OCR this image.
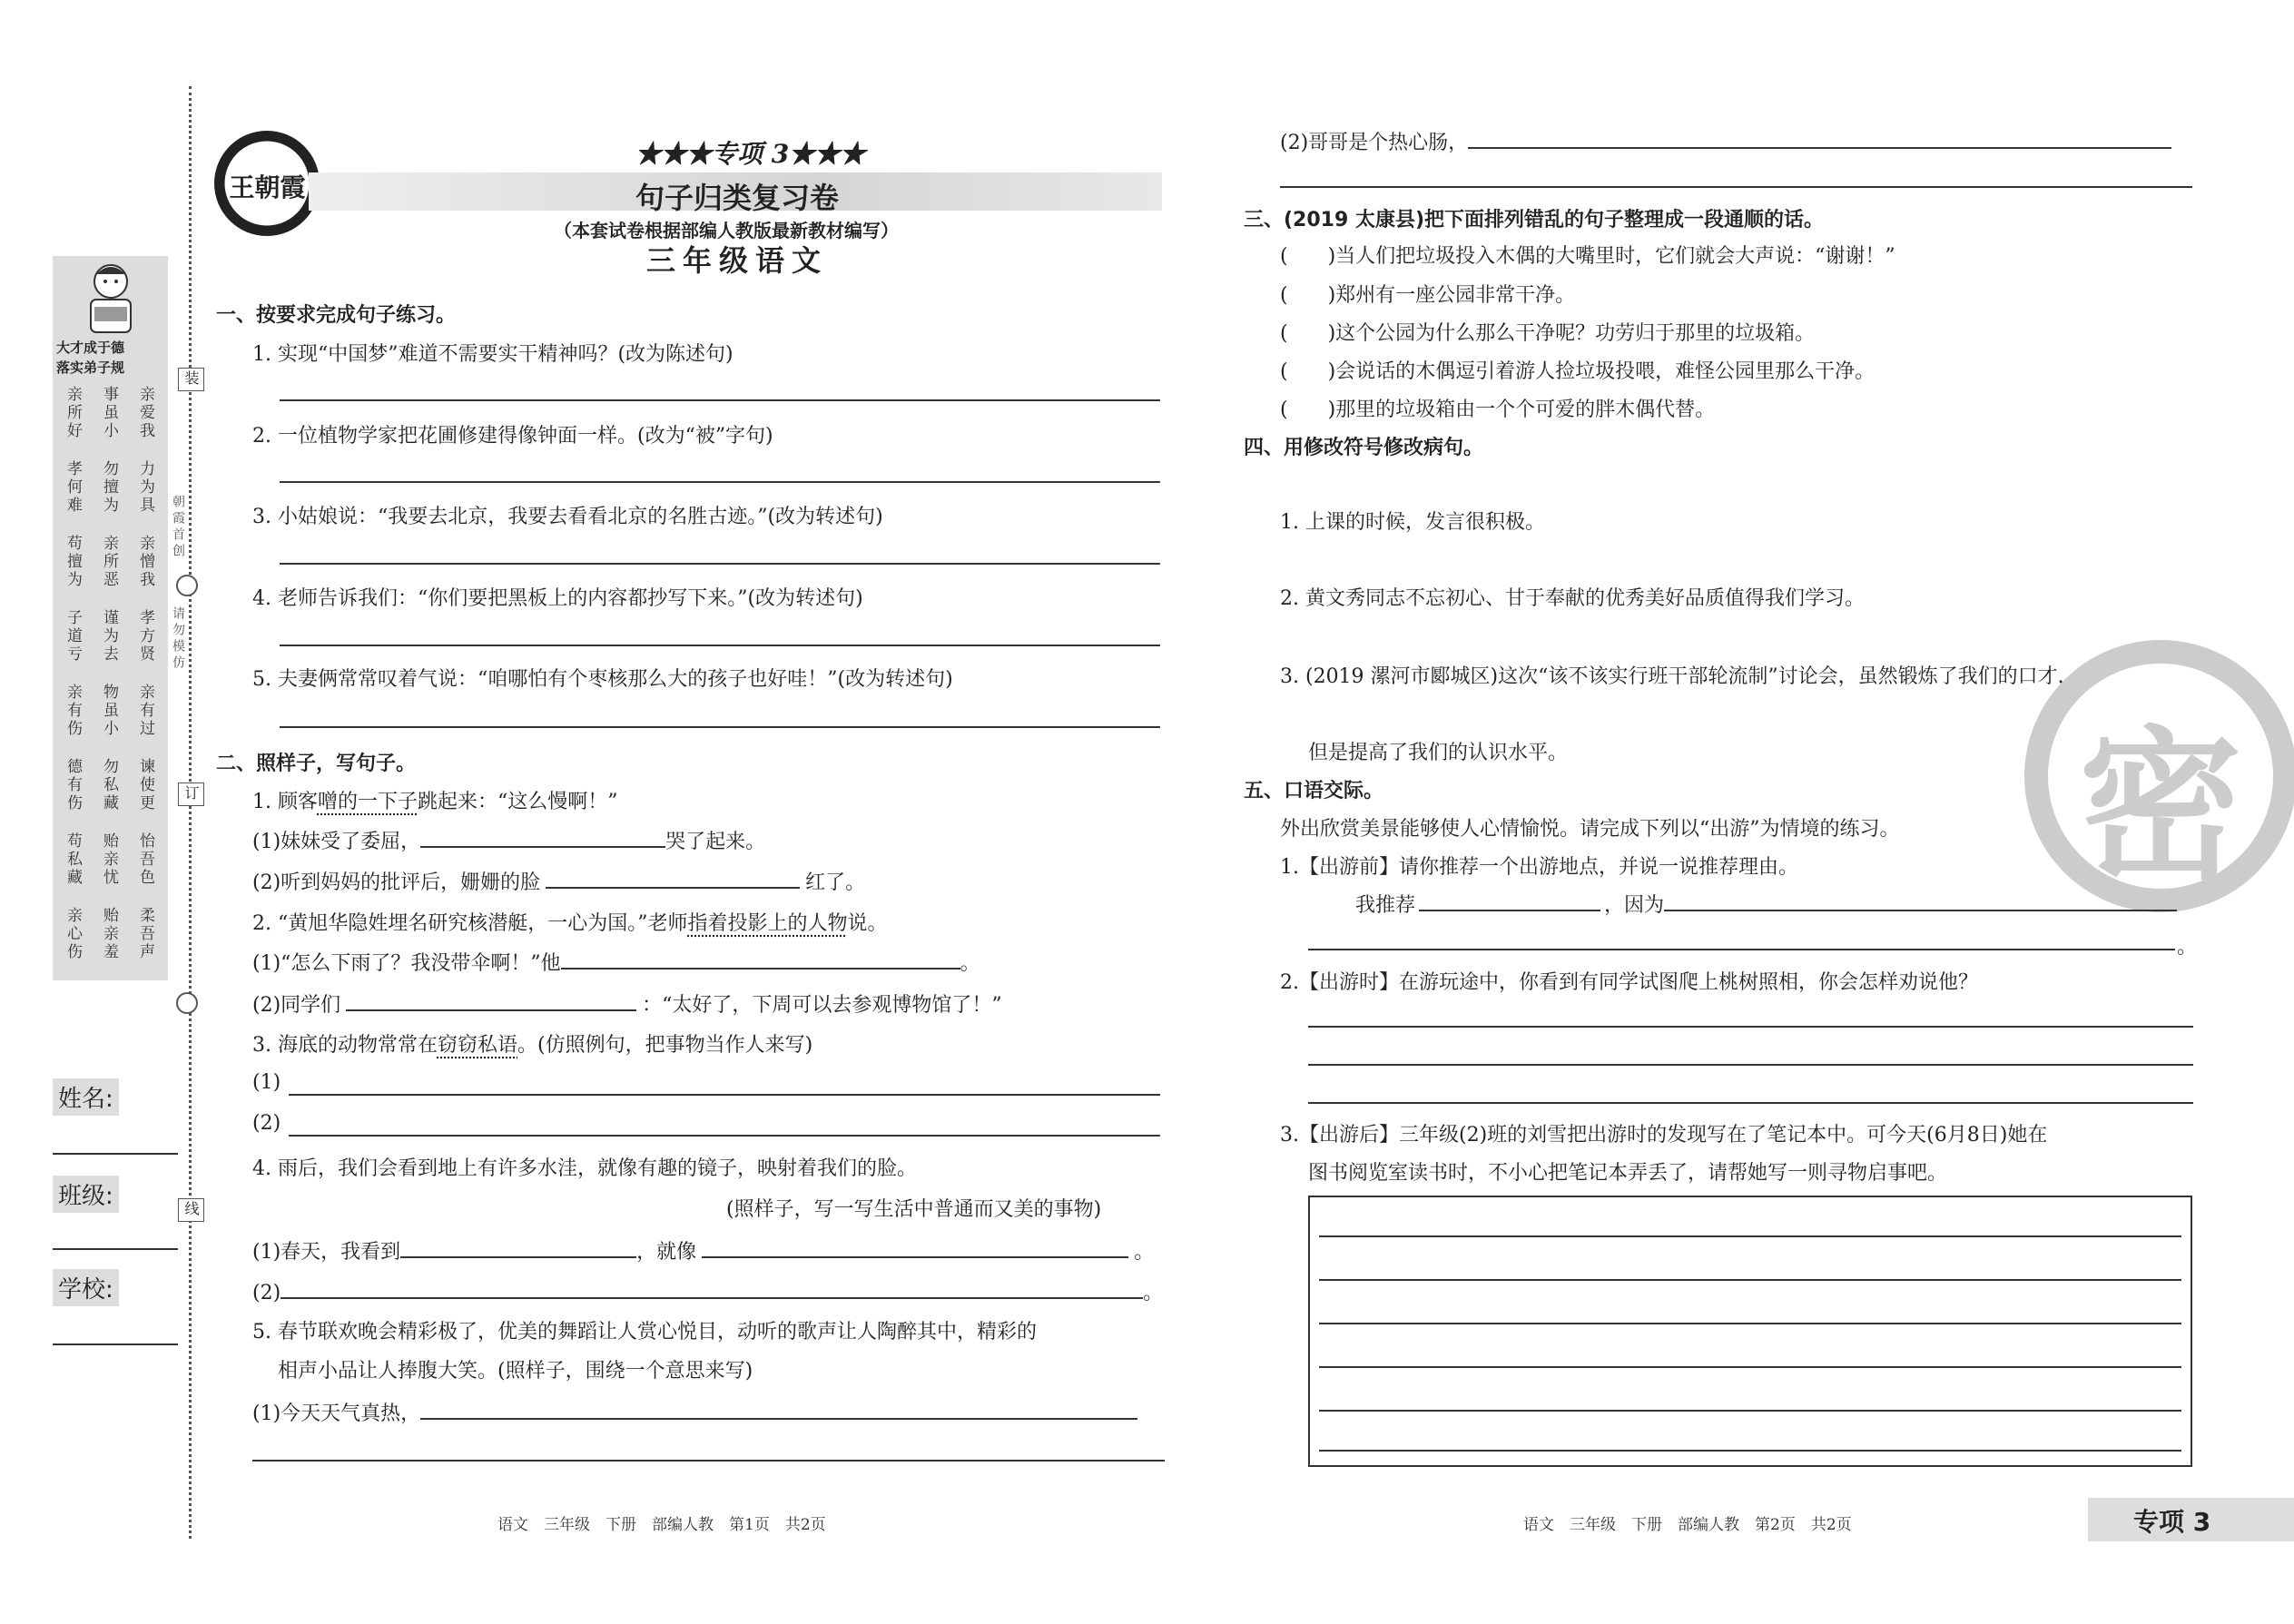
装
订
线
朝霞首创
请勿模仿
大才成于德
落实弟子规
亲爱我
事虽小
亲所好
力为具
勿擅为
孝何难
亲憎我
亲所恶
苟擅为
孝方贤
谨为去
子道亏
亲有过
物虽小
亲有伤
谏使更
勿私藏
德有伤
怡吾色
贻亲忧
苟私藏
柔吾声
贻亲羞
亲心伤
姓名:
班级:
学校:
王朝霞
★★★专项 3★★★
句子归类复习卷
（本套试卷根据部编人教版最新教材编写）
三年级语文
一、按要求完成句子练习。
1. 实现“中国梦”难道不需要实干精神吗？(改为陈述句)
2. 一位植物学家把花圃修建得像钟面一样。(改为“被”字句)
3. 小姑娘说：“我要去北京，我要去看看北京的名胜古迹。”(改为转述句)
4. 老师告诉我们：“你们要把黑板上的内容都抄写下来。”(改为转述句)
5. 夫妻俩常常叹着气说：“咱哪怕有个枣核那么大的孩子也好哇！”(改为转述句)
二、照样子，写句子。
1. 顾客噌的一下子跳起来：“这么慢啊！”
(1)妹妹受了委屈，	哭了起来。
(2)听到妈妈的批评后，姗姗的脸	红了。
2. “黄旭华隐姓埋名研究核潜艇，一心为国。”老师指着投影上的人物说。
(1)“怎么下雨了？我没带伞啊！”他	。
(2)同学们	：“太好了，下周可以去参观博物馆了！”
3. 海底的动物常常在窃窃私语。(仿照例句，把事物当作人来写)
(1)
(2)
4. 雨后，我们会看到地上有许多水洼，就像有趣的镜子，映射着我们的脸。
(照样子，写一写生活中普通而又美的事物)
(1)春天，我看到	，就像	。
(2)	。
5. 春节联欢晚会精彩极了，优美的舞蹈让人赏心悦目，动听的歌声让人陶醉其中，精彩的
相声小品让人捧腹大笑。(照样子，围绕一个意思来写)
(1)今天天气真热，
(2)哥哥是个热心肠，
三、(2019 太康县)把下面排列错乱的句子整理成一段通顺的话。
(　　)当人们把垃圾投入木偶的大嘴里时，它们就会大声说：“谢谢！”
(　　)郑州有一座公园非常干净。
(　　)这个公园为什么那么干净呢？功劳归于那里的垃圾箱。
(　　)会说话的木偶逗引着游人捡垃圾投喂，难怪公园里那么干净。
(　　)那里的垃圾箱由一个个可爱的胖木偶代替。
四、用修改符号修改病句。
1. 上课的时候，发言很积极。
2. 黄文秀同志不忘初心、甘于奉献的优秀美好品质值得我们学习。
3. (2019 漯河市郾城区)这次“该不该实行班干部轮流制”讨论会，虽然锻炼了我们的口才，
但是提高了我们的认识水平。	密
五、口语交际。
外出欣赏美景能够使人心情愉悦。请完成下列以“出游”为情境的练习。
1.【出游前】请你推荐一个出游地点，并说一说推荐理由。
我推荐	，因为
。
2.【出游时】在游玩途中，你看到有同学试图爬上桃树照相，你会怎样劝说他？
3.【出游后】三年级(2)班的刘雪把出游时的发现写在了笔记本中。可今天(6月8日)她在
图书阅览室读书时，不小心把笔记本弄丢了，请帮她写一则寻物启事吧。
语文　三年级　下册　部编人教　第1页　共2页	语文　三年级　下册　部编人教　第2页　共2页	专项 3
